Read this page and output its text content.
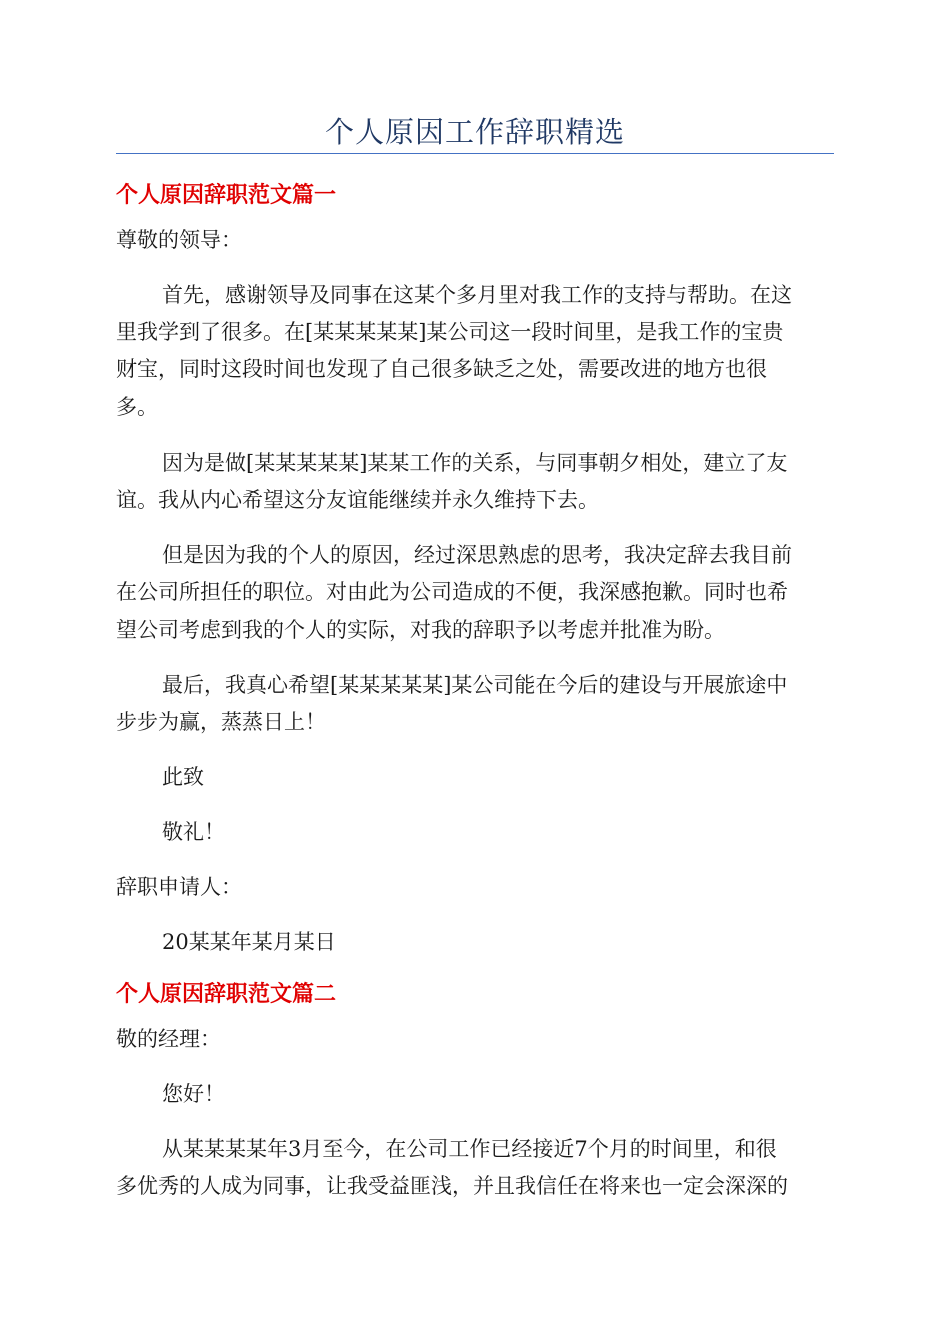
个人原因工作辞职精选
个人原因辞职范文篇一
尊敬的领导：
首先，感谢领导及同事在这某个多月里对我工作的支持与帮助。在这
里我学到了很多。在[某某某某某]某公司这一段时间里，是我工作的宝贵
财宝，同时这段时间也发现了自己很多缺乏之处，需要改进的地方也很
多。
因为是做[某某某某某]某某工作的关系，与同事朝夕相处，建立了友
谊。我从内心希望这分友谊能继续并永久维持下去。
但是因为我的个人的原因，经过深思熟虑的思考，我决定辞去我目前
在公司所担任的职位。对由此为公司造成的不便，我深感抱歉。同时也希
望公司考虑到我的个人的实际，对我的辞职予以考虑并批准为盼。
最后，我真心希望[某某某某某]某公司能在今后的建设与开展旅途中
步步为赢，蒸蒸日上！
此致
敬礼！
辞职申请人：
20某某年某月某日
个人原因辞职范文篇二
敬的经理：
您好！
从某某某某年3月至今，在公司工作已经接近7个月的时间里，和很
多优秀的人成为同事，让我受益匪浅，并且我信任在将来也一定会深深的
